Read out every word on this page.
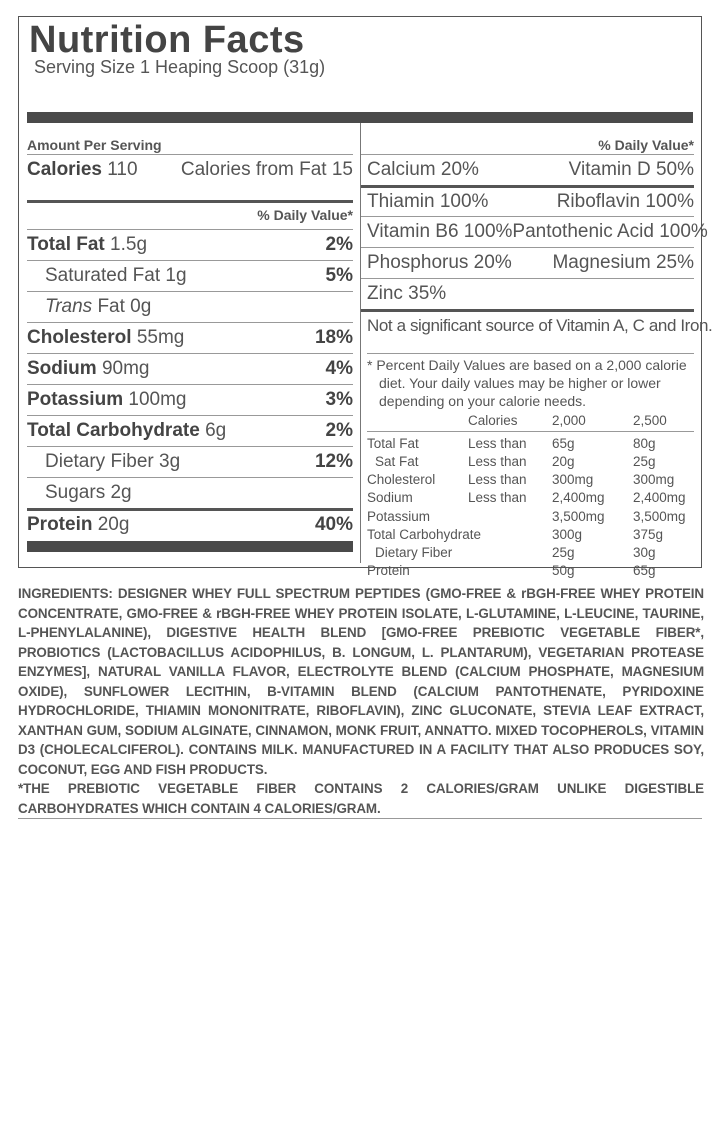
Nutrition Facts
Serving Size 1 Heaping Scoop (31g)
Amount Per Serving
Calories 110 Calories from Fat 15
% Daily Value*
Total Fat 1.5g	2%
Saturated Fat 1g	5%
Trans Fat 0g
Cholesterol 55mg	18%
Sodium 90mg	4%
Potassium 100mg	3%
Total Carbohydrate 6g	2%
Dietary Fiber 3g	12%
Sugars 2g
Protein 20g	40%
% Daily Value*
Calcium 20%	Vitamin D 50%
Thiamin 100%	Riboflavin 100%
Vitamin B6 100% Pantothenic Acid 100%
Phosphorus 20% Magnesium 25%
Zinc 35%
Not a significant source of Vitamin A, C and Iron.
* Percent Daily Values are based on a 2,000 calorie
diet. Your daily values may be higher or lower depending on your calorie needs.
Calories	2,000	2,500
Total Fat	Less than	65g	80g
Sat Fat	Less than	20g	25g
Cholesterol	Less than	300mg	300mg
Sodium	Less than	2,400mg	2,400mg
Potassium	3,500mg	3,500mg
Total Carbohydrate	300g	375g
Dietary Fiber	25g	30g
Protein	50g	65g

INGREDIENTS: DESIGNER WHEY FULL SPECTRUM PEPTIDES (GMO-FREE & rBGH-FREE WHEY PROTEIN CONCENTRATE, GMO-FREE & rBGH-FREE WHEY PROTEIN ISOLATE, L-GLUTAMINE, L-LEUCINE, TAURINE, L-PHENYLALANINE), DIGESTIVE HEALTH BLEND [GMO-FREE PREBIOTIC VEGETABLE FIBER*, PROBIOTICS (LACTOBACILLUS ACIDOPHILUS, B. LONGUM, L. PLANTARUM), VEGETARIAN PROTEASE ENZYMES], NATURAL VANILLA FLAVOR, ELECTROLYTE BLEND (CALCIUM PHOSPHATE, MAGNESIUM OXIDE), SUNFLOWER LECITHIN, B-VITAMIN BLEND (CALCIUM PANTOTHENATE, PYRIDOXINE HYDROCHLORIDE, THIAMIN MONONITRATE, RIBOFLAVIN), ZINC GLUCONATE, STEVIA LEAF EXTRACT, XANTHAN GUM, SODIUM ALGINATE, CINNAMON, MONK FRUIT, ANNATTO. MIXED TOCOPHEROLS, VITAMIN D3 (CHOLECALCIFEROL). CONTAINS MILK. MANUFACTURED IN A FACILITY THAT ALSO PRODUCES SOY, COCONUT, EGG AND FISH PRODUCTS.

*THE PREBIOTIC VEGETABLE FIBER CONTAINS 2 CALORIES/GRAM UNLIKE DIGESTIBLE CARBOHYDRATES WHICH CONTAIN 4 CALORIES/GRAM.
